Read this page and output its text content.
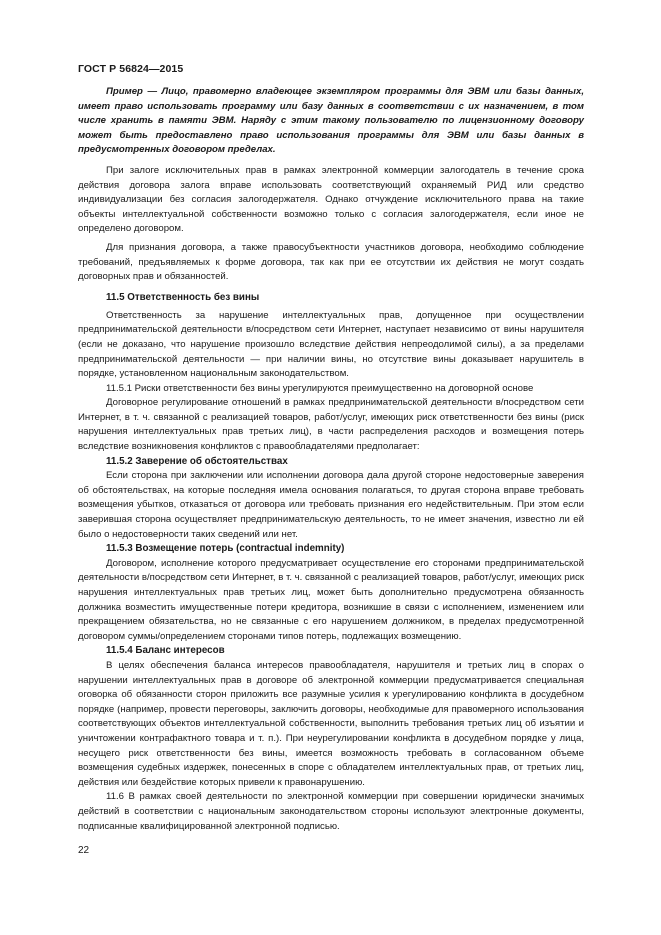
ГОСТ Р 56824—2015

Пример — Лицо, правомерно владеющее экземпляром программы для ЭВМ или базы данных, имеет право использовать программу или базу данных в соответствии с их назначением, в том числе хранить в памяти ЭВМ. Наряду с этим такому пользователю по лицензионному договору может быть предоставлено право использования программы для ЭВМ или базы данных в предусмотренных договором пределах.

При залоге исключительных прав в рамках электронной коммерции залогодатель в течение срока действия договора залога вправе использовать соответствующий охраняемый РИД или средство индивидуализации без согласия залогодержателя. Однако отчуждение исключительного права на такие объекты интеллектуальной собственности возможно только с согласия залогодержателя, если иное не определено договором.

Для признания договора, а также правосубъектности участников договора, необходимо соблюдение требований, предъявляемых к форме договора, так как при ее отсутствии их действия не могут создать договорных прав и обязанностей.

11.5 Ответственность без вины

Ответственность за нарушение интеллектуальных прав, допущенное при осуществлении предпринимательской деятельности в/посредством сети Интернет, наступает независимо от вины нарушителя (если не доказано, что нарушение произошло вследствие действия непреодолимой силы), а за пределами предпринимательской деятельности — при наличии вины, но отсутствие вины доказывает нарушитель в порядке, установленном национальным законодательством.

11.5.1 Риски ответственности без вины урегулируются преимущественно на договорной основе

Договорное регулирование отношений в рамках предпринимательской деятельности в/посредством сети Интернет, в т. ч. связанной с реализацией товаров, работ/услуг, имеющих риск ответственности без вины (риск нарушения интеллектуальных прав третьих лиц), в части распределения расходов и возмещения потерь вследствие возникновения конфликтов с правообладателями предполагает:

11.5.2 Заверение об обстоятельствах

Если сторона при заключении или исполнении договора дала другой стороне недостоверные заверения об обстоятельствах, на которые последняя имела основания полагаться, то другая сторона вправе требовать возмещения убытков, отказаться от договора или требовать признания его недействительным. При этом если заверившая сторона осуществляет предпринимательскую деятельность, то не имеет значения, известно ли ей было о недостоверности таких сведений или нет.

11.5.3 Возмещение потерь (contractual indemnity)

Договором, исполнение которого предусматривает осуществление его сторонами предпринимательской деятельности в/посредством сети Интернет, в т. ч. связанной с реализацией товаров, работ/услуг, имеющих риск нарушения интеллектуальных прав третьих лиц, может быть дополнительно предусмотрена обязанность должника возместить имущественные потери кредитора, возникшие в связи с исполнением, изменением или прекращением обязательства, но не связанные с его нарушением должником, в пределах предусмотренной договором суммы/определением сторонами типов потерь, подлежащих возмещению.

11.5.4 Баланс интересов

В целях обеспечения баланса интересов правообладателя, нарушителя и третьих лиц в спорах о нарушении интеллектуальных прав в договоре об электронной коммерции предусматривается специальная оговорка об обязанности сторон приложить все разумные усилия к урегулированию конфликта в досудебном порядке (например, провести переговоры, заключить договоры, необходимые для правомерного использования соответствующих объектов интеллектуальной собственности, выполнить требования третьих лиц об изъятии и уничтожении контрафактного товара и т. п.). При неурегулировании конфликта в досудебном порядке у лица, несущего риск ответственности без вины, имеется возможность требовать в согласованном объеме возмещения судебных издержек, понесенных в споре с обладателем интеллектуальных прав, от третьих лиц, действия или бездействие которых привели к правонарушению.

11.6 В рамках своей деятельности по электронной коммерции при совершении юридически значимых действий в соответствии с национальным законодательством стороны используют электронные документы, подписанные квалифицированной электронной подписью.

22
